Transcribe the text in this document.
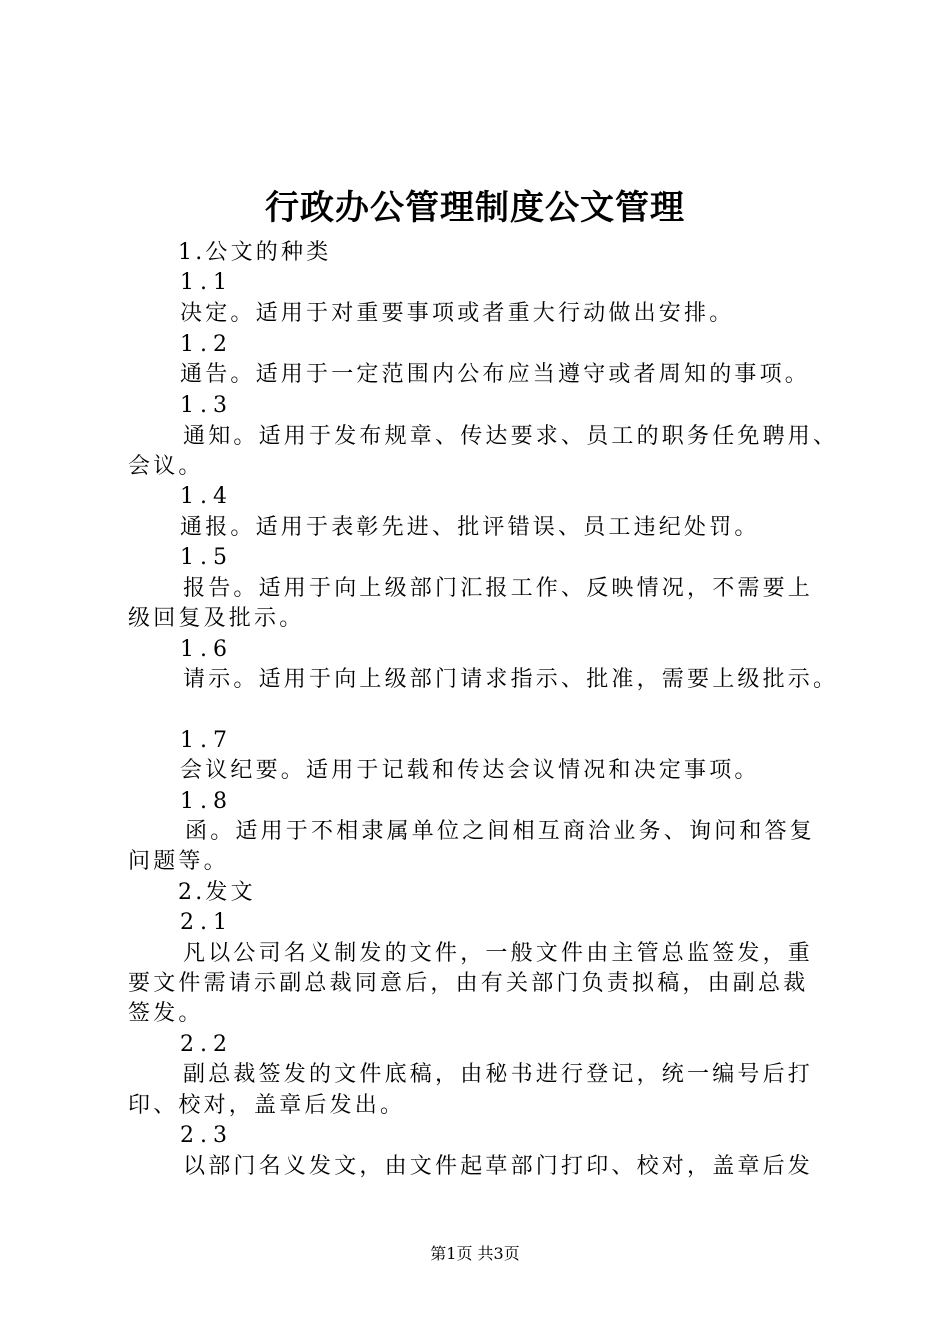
行政办公管理制度公文管理
1.公文的种类
1.1
决定。适用于对重要事项或者重大行动做出安排。
1.2
通告。适用于一定范围内公布应当遵守或者周知的事项。
1.3
通知。适用于发布规章、传达要求、员工的职务任免聘用、
会议。
1.4
通报。适用于表彰先进、批评错误、员工违纪处罚。
1.5
报告。适用于向上级部门汇报工作、反映情况，不需要上
级回复及批示。
1.6
请示。适用于向上级部门请求指示、批准，需要上级批示。
1.7
会议纪要。适用于记载和传达会议情况和决定事项。
1.8
函。适用于不相隶属单位之间相互商洽业务、询问和答复
问题等。
2.发文
2.1
凡以公司名义制发的文件，一般文件由主管总监签发，重
要文件需请示副总裁同意后，由有关部门负责拟稿，由副总裁
签发。
2.2
副总裁签发的文件底稿，由秘书进行登记，统一编号后打
印、校对，盖章后发出。
2.3
以部门名义发文，由文件起草部门打印、校对，盖章后发
第1页 共3页
